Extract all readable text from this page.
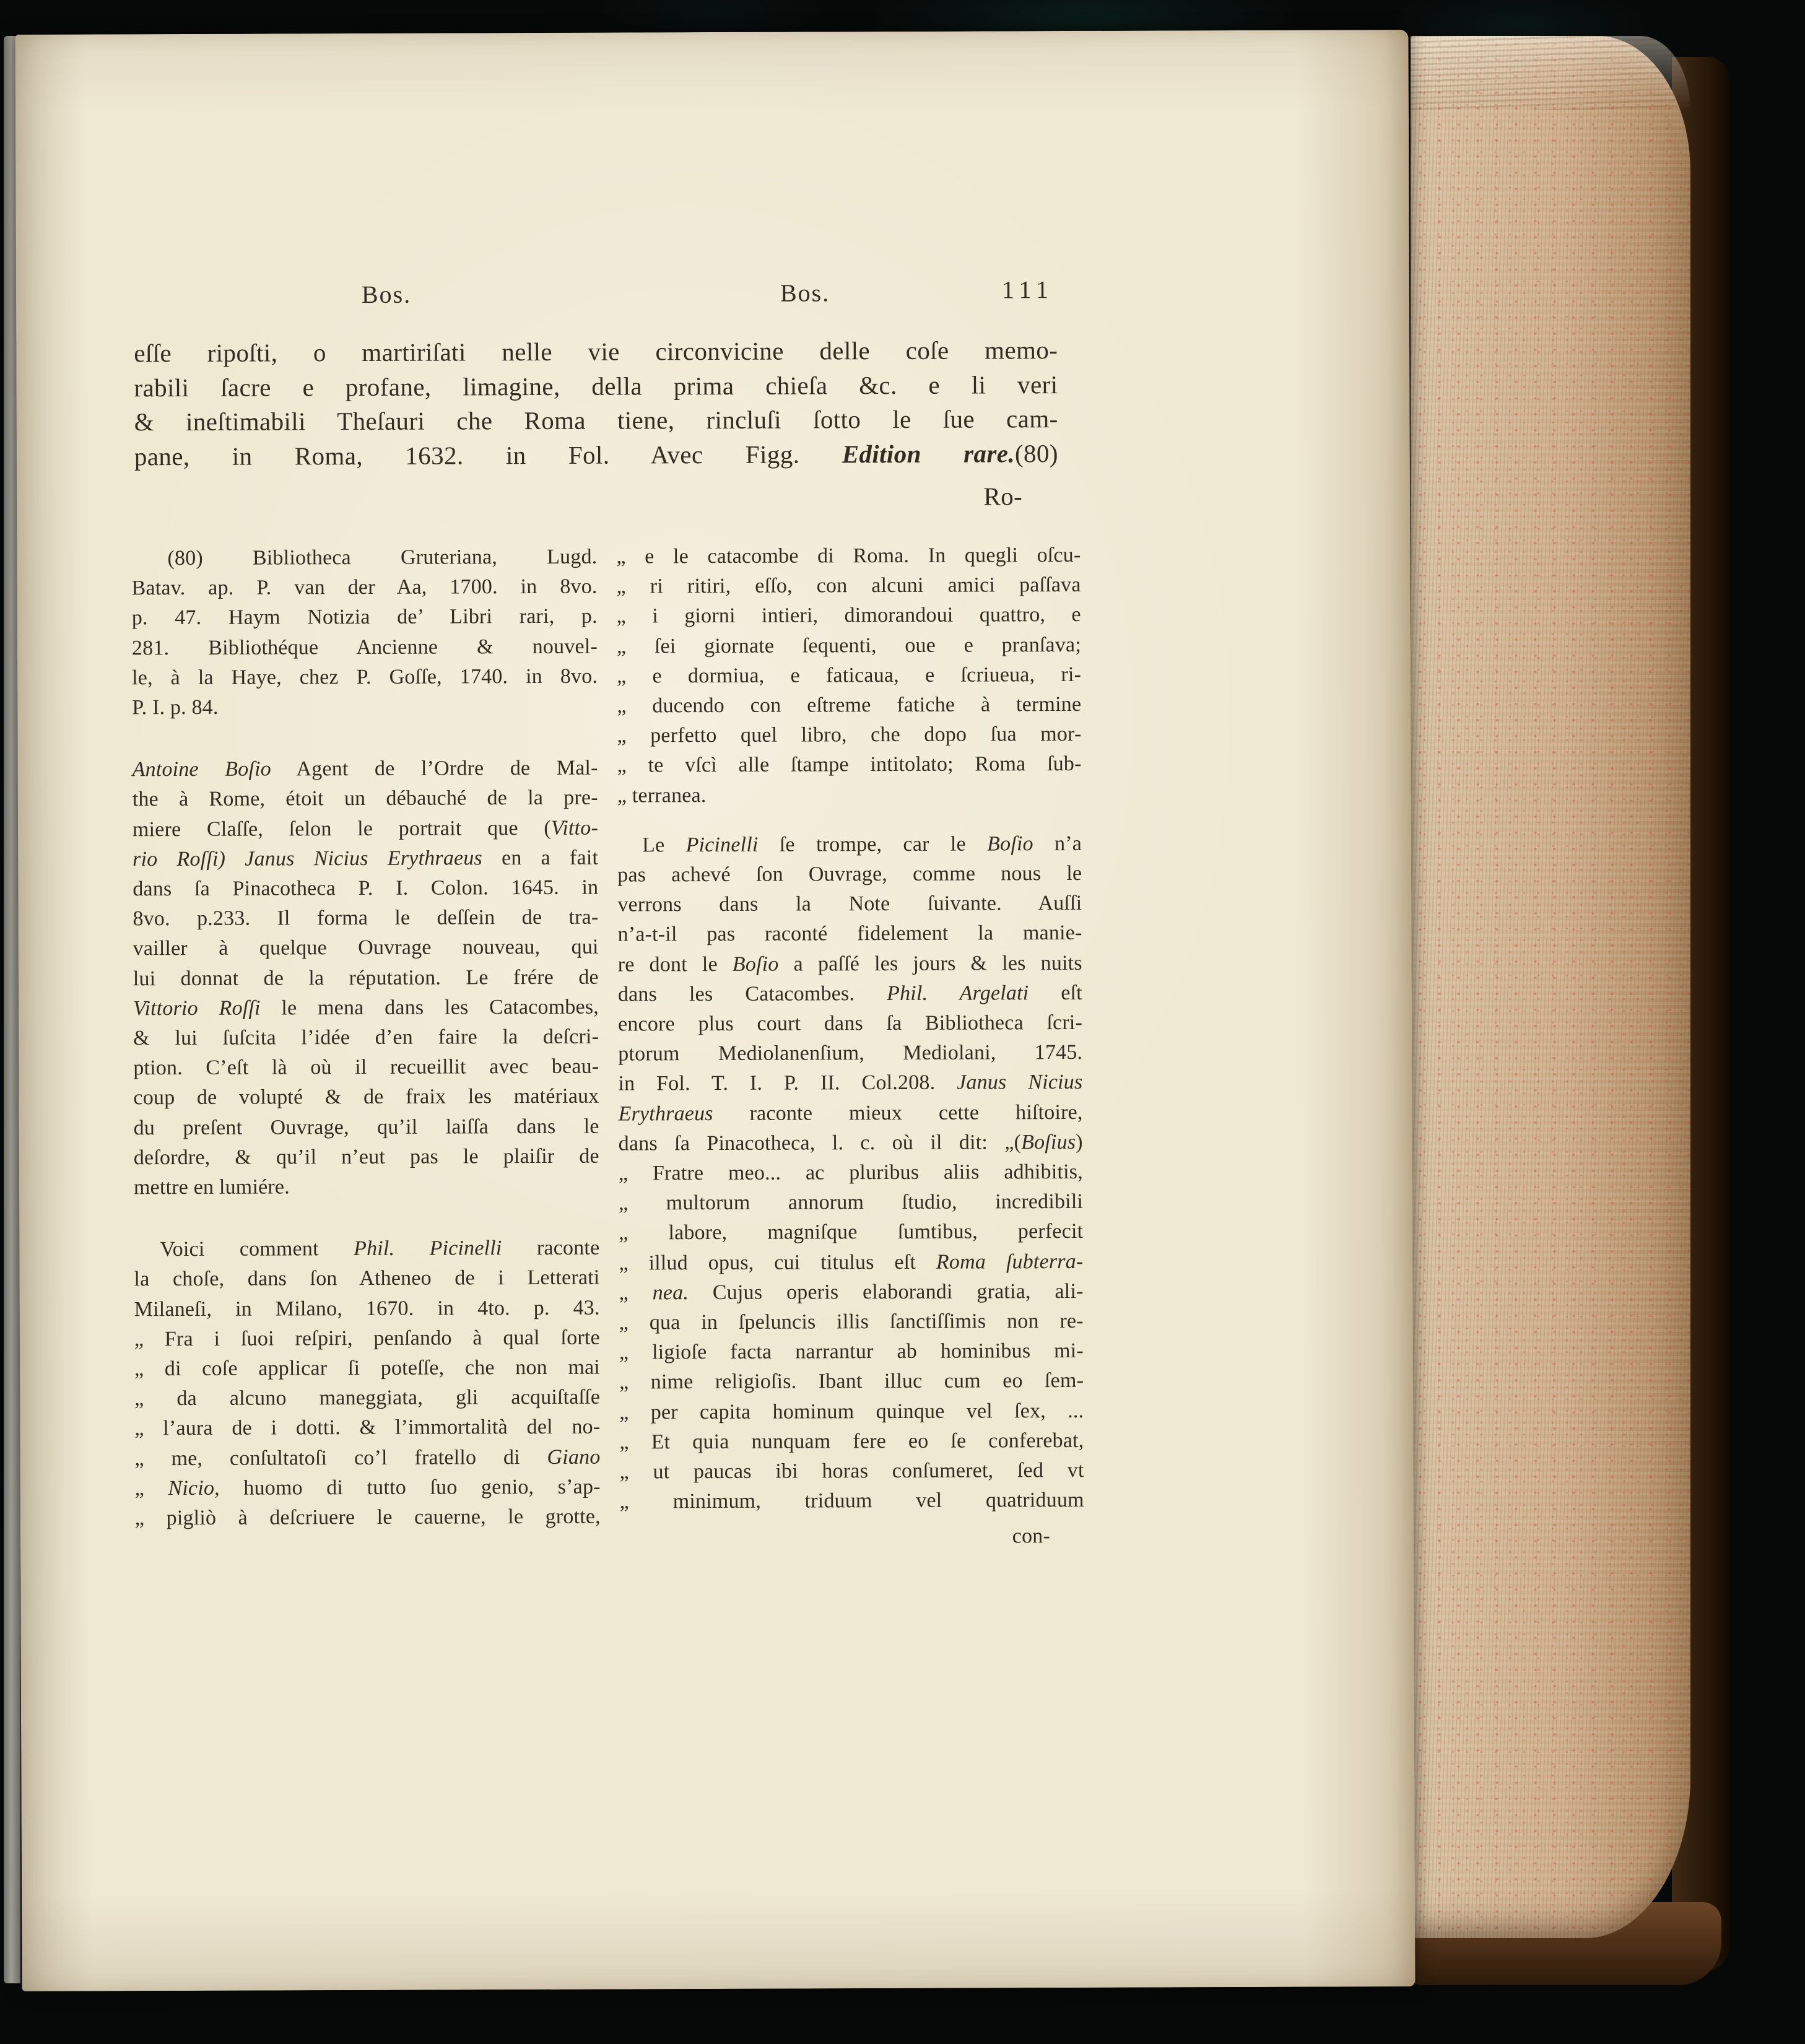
Bos.	Bos.	111
eſſe ripoſti, o martiriſati nelle vie circonvicine delle coſe memo-
rabili ſacre e profane, limagine, della prima chieſa &c. e li veri
& ineſtimabili Theſauri che Roma tiene, rincluſi ſotto le ſue cam-
pane, in Roma, 1632. in Fol. Avec Figg. Edition rare.(80)
Ro-
(80) Bibliotheca Gruteriana, Lugd.
Batav. ap. P. van der Aa, 1700. in 8vo.
p. 47. Haym Notizia de’ Libri rari, p.
281. Bibliothéque Ancienne & nouvel-
le, à la Haye, chez P. Goſſe, 1740. in 8vo.
P. I. p. 84.
Antoine Boſio Agent de l’Ordre de Mal-
the à Rome, étoit un débauché de la pre-
miere Claſſe, ſelon le portrait que (Vitto-
rio Roſſi) Janus Nicius Erythraeus en a fait
dans ſa Pinacotheca P. I. Colon. 1645. in
8vo. p.233. Il forma le deſſein de tra-
vailler à quelque Ouvrage nouveau, qui
lui donnat de la réputation. Le frére de
Vittorio Roſſi le mena dans les Catacombes,
& lui ſuſcita l’idée d’en faire la deſcri-
ption. C’eſt là où il recueillit avec beau-
coup de volupté & de fraix les matériaux
du preſent Ouvrage, qu’il laiſſa dans le
deſordre, & qu’il n’eut pas le plaiſir de
mettre en lumiére.
Voici comment Phil. Picinelli raconte
la choſe, dans ſon Atheneo de i Letterati
Milaneſi, in Milano, 1670. in 4to. p. 43.
„ Fra i ſuoi reſpiri, penſando à qual ſorte
„ di coſe applicar ſi poteſſe, che non mai
„ da alcuno maneggiata, gli acquiſtaſſe
„ l’aura de i dotti. & l’immortalità del no-
„ me, conſultatoſi co’l fratello di Giano
„ Nicio, huomo di tutto ſuo genio, s’ap-
„ pigliò à deſcriuere le cauerne, le grotte,
„ e le catacombe di Roma. In quegli oſcu-
„ ri ritiri, eſſo, con alcuni amici paſſava
„ i giorni intieri, dimorandoui quattro, e
„ ſei giornate ſequenti, oue e pranſava;
„ e dormiua, e faticaua, e ſcriueua, ri-
„ ducendo con eſtreme fatiche à termine
„ perfetto quel libro, che dopo ſua mor-
„ te vſcì alle ſtampe intitolato; Roma ſub-
„ terranea.
Le Picinelli ſe trompe, car le Boſio n’a
pas achevé ſon Ouvrage, comme nous le
verrons dans la Note ſuivante. Auſſi
n’a-t-il pas raconté fidelement la manie-
re dont le Boſio a paſſé les jours & les nuits
dans les Catacombes. Phil. Argelati eſt
encore plus court dans ſa Bibliotheca ſcri-
ptorum Mediolanenſium, Mediolani, 1745.
in Fol. T. I. P. II. Col.208. Janus Nicius
Erythraeus raconte mieux cette hiſtoire,
dans ſa Pinacotheca, l. c. où il dit: „(Boſius)
„ Fratre meo... ac pluribus aliis adhibitis,
„ multorum annorum ſtudio, incredibili
„ labore, magniſque ſumtibus, perfecit
„ illud opus, cui titulus eſt Roma ſubterra-
„ nea. Cujus operis elaborandi gratia, ali-
„ qua in ſpeluncis illis ſanctiſſimis non re-
„ ligioſe facta narrantur ab hominibus mi-
„ nime religioſis. Ibant illuc cum eo ſem-
„ per capita hominum quinque vel ſex, ...
„ Et quia nunquam fere eo ſe conferebat,
„ ut paucas ibi horas conſumeret, ſed vt
„ minimum, triduum vel quatriduum
con-
